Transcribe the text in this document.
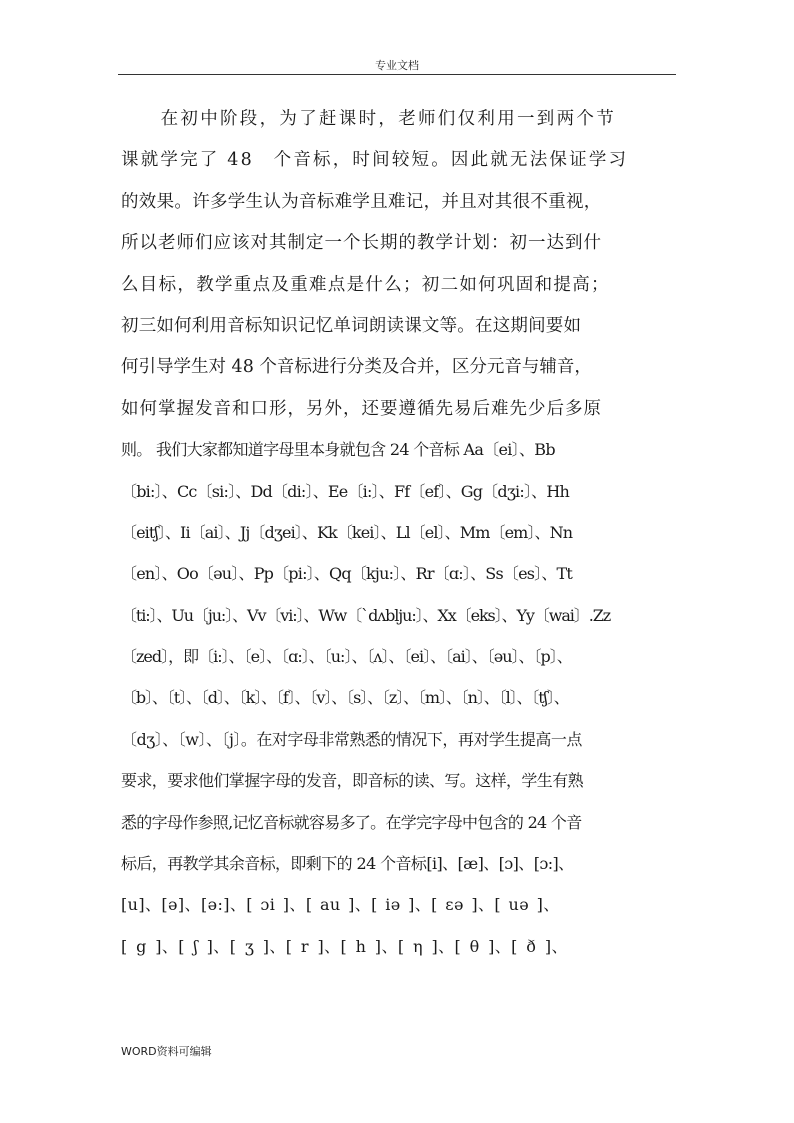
专业文档
　　在初中阶段，为了赶课时，老师们仅利用一到两个节
课就学完了 48　个音标，时间较短。因此就无法保证学习
的效果。许多学生认为音标难学且难记，并且对其很不重视，
所以老师们应该对其制定一个长期的教学计划：初一达到什
么目标，教学重点及重难点是什么；初二如何巩固和提高；
初三如何利用音标知识记忆单词朗读课文等。在这期间要如
何引导学生对 48 个音标进行分类及合并，区分元音与辅音，
如何掌握发音和口形，另外，还要遵循先易后难先少后多原
则。 我们大家都知道字母里本身就包含 24 个音标 Aa〔ei〕、Bb
〔bi:〕、Cc〔si:〕、Dd〔di:〕、Ee〔i:〕、Ff〔ef〕、Gg〔dʒi:〕、Hh
〔eitʃ〕、Ii〔ai〕、Jj〔dʒei〕、Kk〔kei〕、Ll〔el〕、Mm〔em〕、Nn
〔en〕、Oo〔əu〕、Pp〔pi:〕、Qq〔kju:〕、Rr〔ɑ:〕、Ss〔es〕、Tt
〔ti:〕、Uu〔ju:〕、Vv〔vi:〕、Ww〔`dʌblju:〕、Xx〔eks〕、Yy〔wai〕.Zz
〔zed〕，即〔i:〕、〔e〕、〔ɑ:〕、〔u:〕、〔ʌ〕、〔ei〕、〔ai〕、〔əu〕、〔p〕、
〔b〕、〔t〕、〔d〕、〔k〕、〔f〕、〔v〕、〔s〕、〔z〕、〔m〕、〔n〕、〔l〕、〔tʃ〕、
〔dʒ〕、〔w〕、〔j〕。在对字母非常熟悉的情况下，再对学生提高一点
要求，要求他们掌握字母的发音，即音标的读、写。这样，学生有熟
悉的字母作参照,记忆音标就容易多了。在学完字母中包含的 24 个音
标后，再教学其余音标，即剩下的 24 个音标[i]、[æ]、[ɔ]、[ɔ:]、
[u]、[ə]、[ə:]、[ ɔi ]、[ au ]、[ iə ]、[ ɛə ]、[ uə ]、
[ g ]、[ ʃ ]、[ ʒ ]、[ r ]、[ h ]、[ η ]、[ θ ]、[ ð ]、
WORD资料可编辑
